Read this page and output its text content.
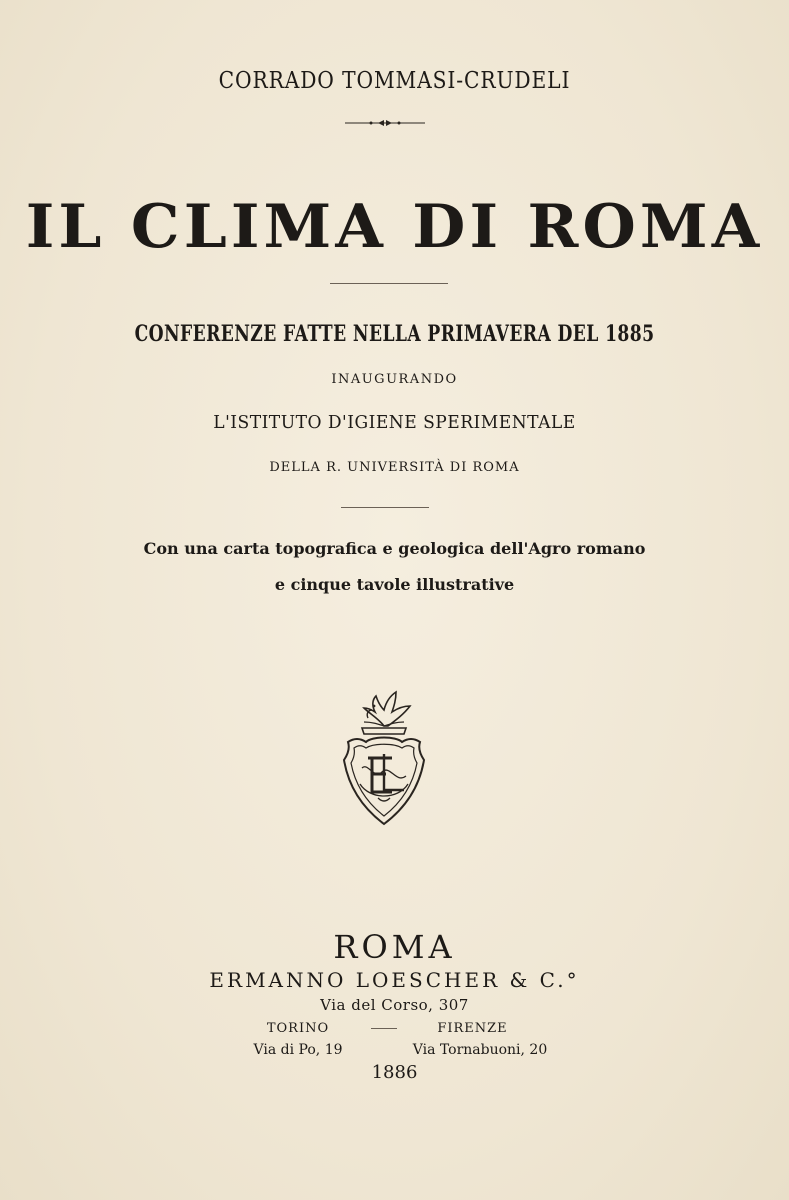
CORRADO TOMMASI-CRUDELI
IL CLIMA DI ROMA
CONFERENZE FATTE NELLA PRIMAVERA DEL 1885
INAUGURANDO
L'ISTITUTO D'IGIENE SPERIMENTALE
DELLA R. UNIVERSITÀ DI ROMA
Con una carta topografica e geologica dell'Agro romano
e cinque tavole illustrative
ROMA
ERMANNO LOESCHER & C.°
Via del Corso, 307
TORINO	FIRENZE
Via di Po, 19	Via Tornabuoni, 20
1886
